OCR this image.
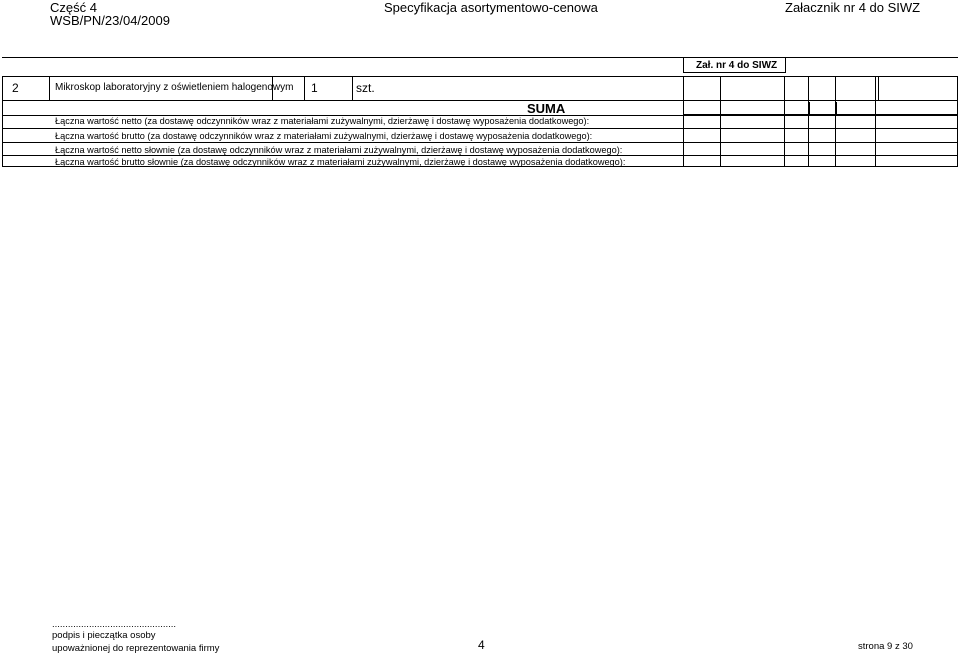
Część 4
WSB/PN/23/04/2009
Specyfikacja asortymentowo-cenowa	Załacznik nr 4 do SIWZ
Zał. nr 4 do SIWZ
2	Mikroskop laboratoryjny z oświetleniem halogenowym 1	szt.
SUMA
Łączna wartość netto (za dostawę odczynników wraz z materiałami zużywalnymi, dzierżawę i dostawę wyposażenia dodatkowego):
Łączna wartość brutto (za dostawę odczynników wraz z materiałami zużywalnymi, dzierżawę i dostawę wyposażenia dodatkowego):
Łączna wartość netto słownie (za dostawę odczynników wraz z materiałami zużywalnymi, dzierżawę i dostawę wyposażenia dodatkowego):
Łączna wartość brutto słownie (za dostawę odczynników wraz z materiałami zużywalnymi, dzierżawę i dostawę wyposażenia dodatkowego):
...............................................
podpis i pieczątka osoby
upoważnionej do reprezentowania firmy	4	strona 9 z 30
